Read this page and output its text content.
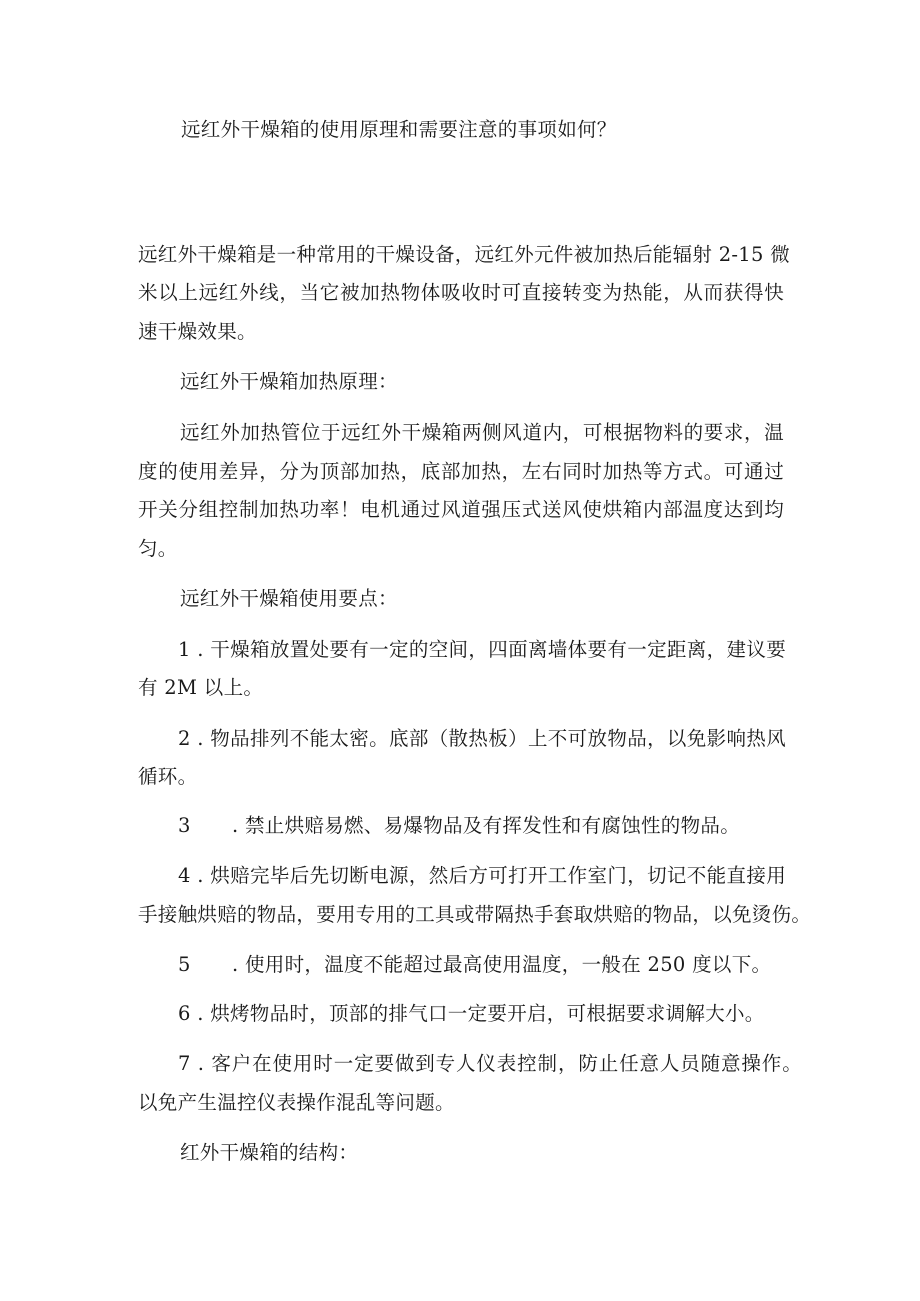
远红外干燥箱的使用原理和需要注意的事项如何？
远红外干燥箱是一种常用的干燥设备，远红外元件被加热后能辐射 2-15 微
米以上远红外线，当它被加热物体吸收时可直接转变为热能，从而获得快
速干燥效果。
远红外干燥箱加热原理：
远红外加热管位于远红外干燥箱两侧风道内，可根据物料的要求，温
度的使用差异，分为顶部加热，底部加热，左右同时加热等方式。可通过
开关分组控制加热功率！电机通过风道强压式送风使烘箱内部温度达到均
匀。
远红外干燥箱使用要点：
1 . 干燥箱放置处要有一定的空间，四面离墙体要有一定距离，建议要
有 2M 以上。
2 . 物品排列不能太密。底部（散热板）上不可放物品，以免影响热风
循环。
3 . 禁止烘赔易燃、易爆物品及有挥发性和有腐蚀性的物品。
4 . 烘赔完毕后先切断电源，然后方可打开工作室门，切记不能直接用
手接触烘赔的物品，要用专用的工具或带隔热手套取烘赔的物品，以免烫伤。
5 . 使用时，温度不能超过最高使用温度，一般在 250 度以下。
6 . 烘烤物品时，顶部的排气口一定要开启，可根据要求调解大小。
7 . 客户在使用时一定要做到专人仪表控制，防止任意人员随意操作。
以免产生温控仪表操作混乱等问题。
红外干燥箱的结构：
